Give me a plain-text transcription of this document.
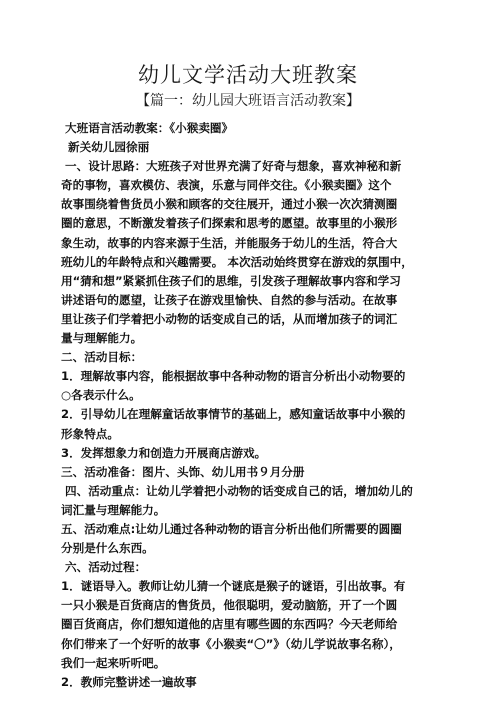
幼儿文学活动大班教案
【篇一：幼儿园大班语言活动教案】
大班语言活动教案：《小猴卖圈》
新关幼儿园徐丽
一、设计思路：大班孩子对世界充满了好奇与想象，喜欢神秘和新
奇的事物，喜欢模仿、表演，乐意与同伴交往。《小猴卖圈》这个
故事围绕着售货员小猴和顾客的交往展开，通过小猴一次次猜测圈
圈的意思，不断激发着孩子们探索和思考的愿望。故事里的小猴形
象生动，故事的内容来源于生活，并能服务于幼儿的生活，符合大
班幼儿的年龄特点和兴趣需要。 本次活动始终贯穿在游戏的氛围中，
用“猜和想”紧紧抓住孩子们的思维，引发孩子理解故事内容和学习
讲述语句的愿望，让孩子在游戏里愉快、自然的参与活动。在故事
里让孩子们学着把小动物的话变成自己的话，从而增加孩子的词汇
量与理解能力。
二、活动目标：
1．理解故事内容，能根据故事中各种动物的语言分析出小动物要的
○各表示什么。
2．引导幼儿在理解童话故事情节的基础上，感知童话故事中小猴的
形象特点。
3．发挥想象力和创造力开展商店游戏。
三、活动准备：图片、头饰、幼儿用书９月分册
四、活动重点：让幼儿学着把小动物的话变成自己的话，增加幼儿的
词汇量与理解能力。
五、活动难点:让幼儿通过各种动物的语言分析出他们所需要的圆圈
分别是什么东西。
六、活动过程：
1．谜语导入。教师让幼儿猜一个谜底是猴子的谜语，引出故事。有
一只小猴是百货商店的售货员，他很聪明，爱动脑筋，开了一个圆
圈百货商店，你们想知道他的店里有哪些圆的东西吗？今天老师给
你们带来了一个好听的故事《小猴卖“〇”》（幼儿学说故事名称），
我们一起来听听吧。
2．教师完整讲述一遍故事
